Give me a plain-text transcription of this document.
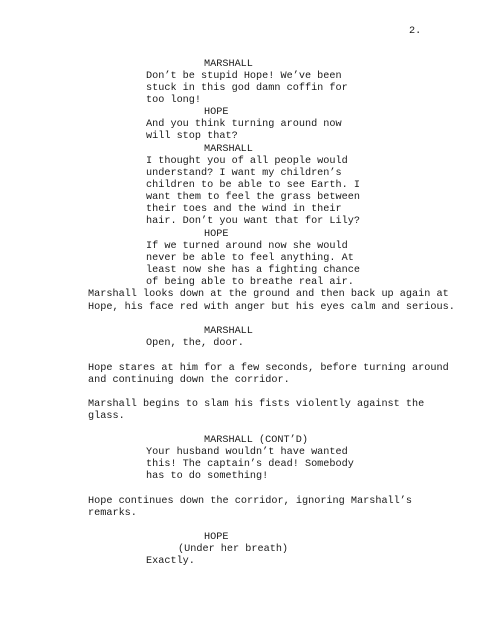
2.
MARSHALL
Don’t be stupid Hope! We’ve been
stuck in this god damn coffin for
too long!
HOPE
And you think turning around now
will stop that?
MARSHALL
I thought you of all people would
understand? I want my children’s
children to be able to see Earth. I
want them to feel the grass between
their toes and the wind in their
hair. Don’t you want that for Lily?
HOPE
If we turned around now she would
never be able to feel anything. At
least now she has a fighting chance
of being able to breathe real air.
Marshall looks down at the ground and then back up again at
Hope, his face red with anger but his eyes calm and serious.
MARSHALL
Open, the, door.
Hope stares at him for a few seconds, before turning around
and continuing down the corridor.
Marshall begins to slam his fists violently against the
glass.
MARSHALL (CONT’D)
Your husband wouldn’t have wanted
this! The captain’s dead! Somebody
has to do something!
Hope continues down the corridor, ignoring Marshall’s
remarks.
HOPE
(Under her breath)
Exactly.
